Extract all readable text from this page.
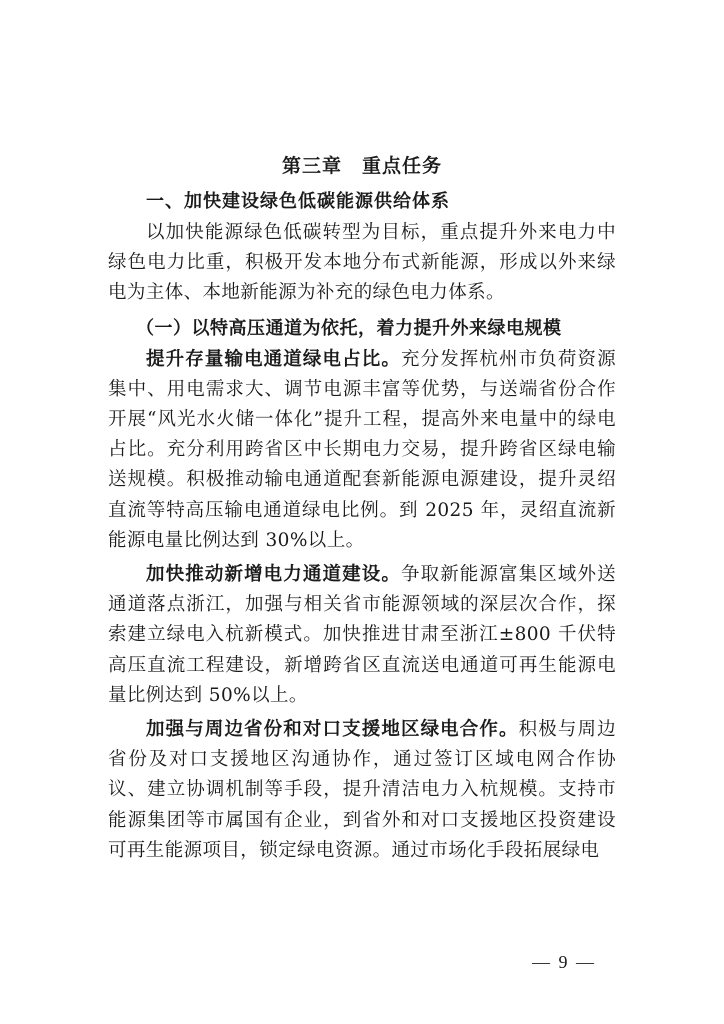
第三章　重点任务
一、加快建设绿色低碳能源供给体系

以加快能源绿色低碳转型为目标，重点提升外来电力中绿色电力比重，积极开发本地分布式新能源，形成以外来绿电为主体、本地新能源为补充的绿色电力体系。

（一）以特高压通道为依托，着力提升外来绿电规模

提升存量输电通道绿电占比。充分发挥杭州市负荷资源集中、用电需求大、调节电源丰富等优势，与送端省份合作开展“风光水火储一体化”提升工程，提高外来电量中的绿电占比。充分利用跨省区中长期电力交易，提升跨省区绿电输送规模。积极推动输电通道配套新能源电源建设，提升灵绍直流等特高压输电通道绿电比例。到 2025 年，灵绍直流新能源电量比例达到 30%以上。

加快推动新增电力通道建设。争取新能源富集区域外送通道落点浙江，加强与相关省市能源领域的深层次合作，探索建立绿电入杭新模式。加快推进甘肃至浙江±800 千伏特高压直流工程建设，新增跨省区直流送电通道可再生能源电量比例达到 50%以上。

加强与周边省份和对口支援地区绿电合作。积极与周边省份及对口支援地区沟通协作，通过签订区域电网合作协议、建立协调机制等手段，提升清洁电力入杭规模。支持市能源集团等市属国有企业，到省外和对口支援地区投资建设可再生能源项目，锁定绿电资源。通过市场化手段拓展绿电

— 9 —
